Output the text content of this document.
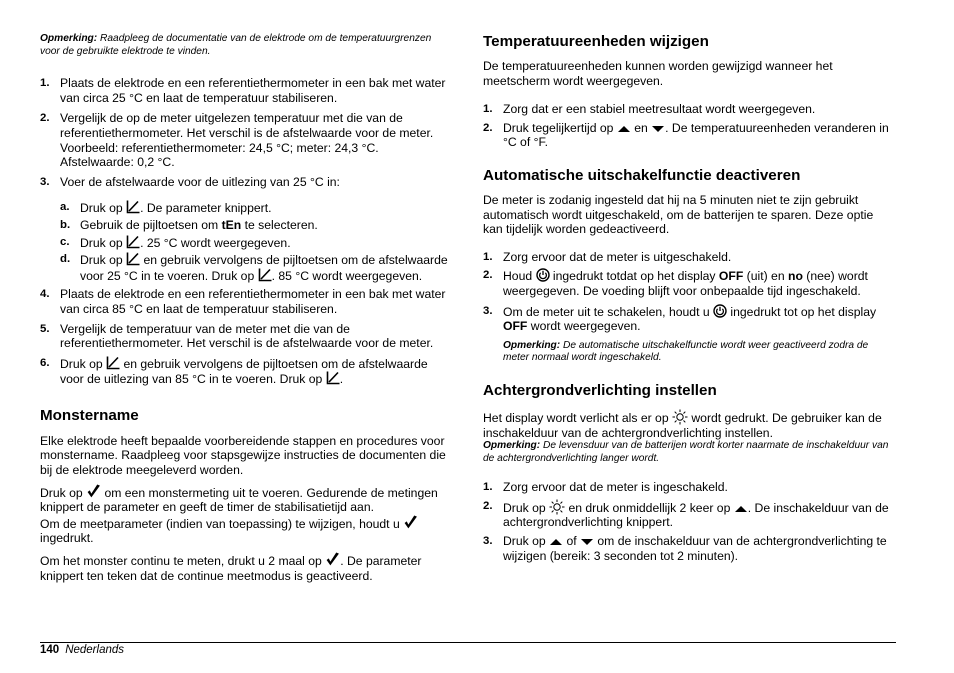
Opmerking: Raadpleeg de documentatie van de elektrode om de temperatuurgrenzen voor de gebruikte elektrode te vinden.

1. Plaats de elektrode en een referentiethermometer in een bak met water van circa 25 °C en laat de temperatuur stabiliseren.
2. Vergelijk de op de meter uitgelezen temperatuur met die van de referentiethermometer. Het verschil is de afstelwaarde voor de meter.
Voorbeeld: referentiethermometer: 24,5 °C; meter: 24,3 °C. Afstelwaarde: 0,2 °C.
3. Voer de afstelwaarde voor de uitlezing van 25 °C in:
a. Druk op . De parameter knippert.
b. Gebruik de pijltoetsen om tEn te selecteren.
c. Druk op . 25 °C wordt weergegeven.
d. Druk op  en gebruik vervolgens de pijltoetsen om de afstelwaarde voor 25 °C in te voeren. Druk op . 85 °C wordt weergegeven.
4. Plaats de elektrode en een referentiethermometer in een bak met water van circa 85 °C en laat de temperatuur stabiliseren.
5. Vergelijk de temperatuur van de meter met die van de referentiethermometer. Het verschil is de afstelwaarde voor de meter.
6. Druk op  en gebruik vervolgens de pijltoetsen om de afstelwaarde voor de uitlezing van 85 °C in te voeren. Druk op .
Monstername

Elke elektrode heeft bepaalde voorbereidende stappen en procedures voor monstername. Raadpleeg voor stapsgewijze instructies de documenten die bij de elektrode meegeleverd worden.

Druk op  om een monstermeting uit te voeren. Gedurende de metingen knippert de parameter en geeft de timer de stabilisatietijd aan.
Om de meetparameter (indien van toepassing) te wijzigen, houdt u
ingedrukt.

Om het monster continu te meten, drukt u 2 maal op . De parameter knippert ten teken dat de continue meetmodus is geactiveerd.

Temperatuureenheden wijzigen

De temperatuureenheden kunnen worden gewijzigd wanneer het meetscherm wordt weergegeven.

1. Zorg dat er een stabiel meetresultaat wordt weergegeven.
2. Druk tegelijkertijd op  en . De temperatuureenheden veranderen in °C of °F.
Automatische uitschakelfunctie deactiveren

De meter is zodanig ingesteld dat hij na 5 minuten niet te zijn gebruikt automatisch wordt uitgeschakeld, om de batterijen te sparen. Deze optie kan tijdelijk worden gedeactiveerd.

1. Zorg ervoor dat de meter is uitgeschakeld.
2. Houd  ingedrukt totdat op het display OFF (uit) en no (nee) wordt weergegeven. De voeding blijft voor onbepaalde tijd ingeschakeld.
3. Om de meter uit te schakelen, houdt u  ingedrukt tot op het display OFF wordt weergegeven.

Opmerking: De automatische uitschakelfunctie wordt weer geactiveerd zodra de meter normaal wordt ingeschakeld.

Achtergrondverlichting instellen

Het display wordt verlicht als er op  wordt gedrukt. De gebruiker kan de inschakelduur van de achtergrondverlichting instellen.

Opmerking: De levensduur van de batterijen wordt korter naarmate de inschakelduur van de achtergrondverlichting langer wordt.

1. Zorg ervoor dat de meter is ingeschakeld.
2. Druk op  en druk onmiddellijk 2 keer op . De inschakelduur van de achtergrondverlichting knippert.
3. Druk op  of  om de inschakelduur van de achtergrondverlichting te wijzigen (bereik: 3 seconden tot 2 minuten).
140 Nederlands
